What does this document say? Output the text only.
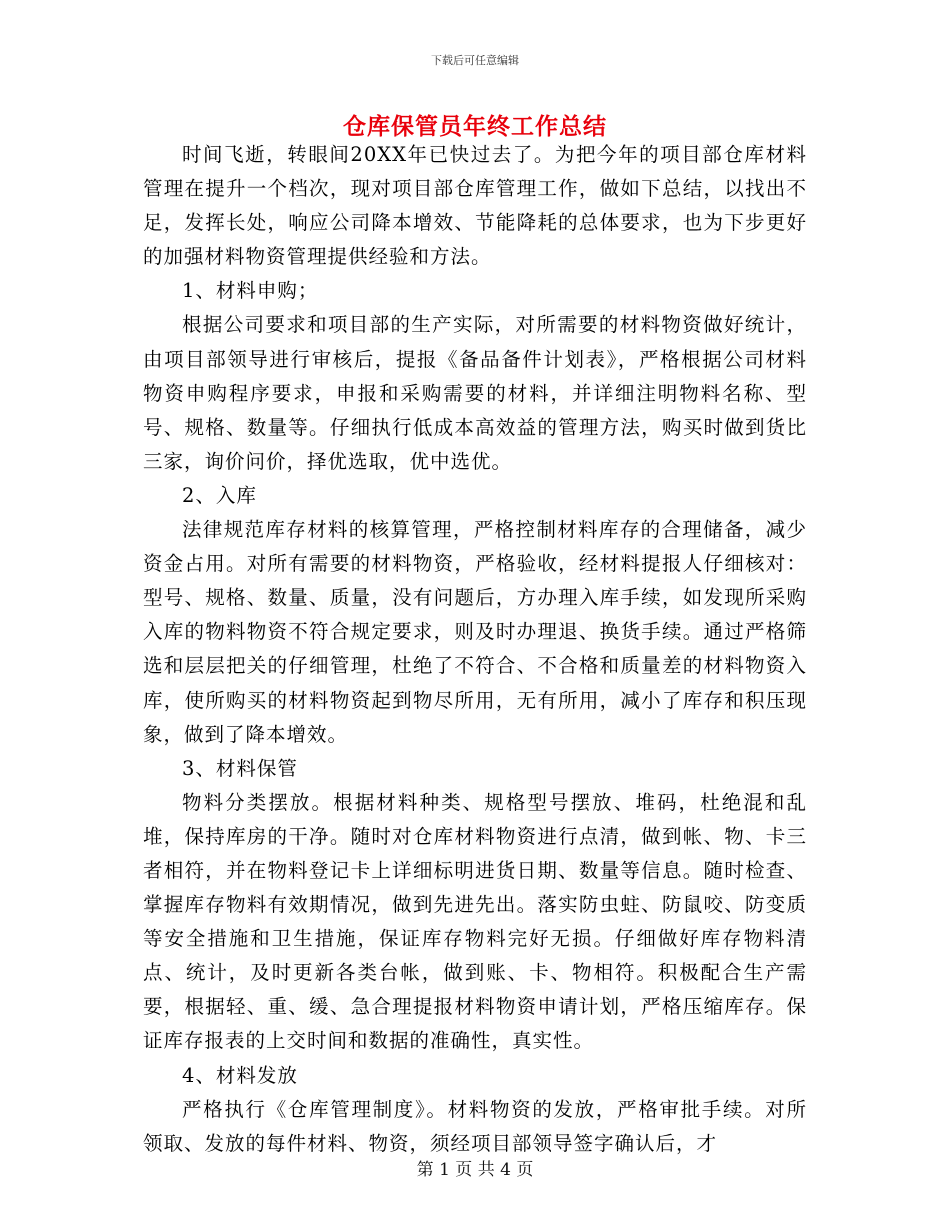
下载后可任意编辑
仓库保管员年终工作总结

时间飞逝，转眼间20XX年已快过去了。为把今年的项目部仓库材料管理在提升一个档次，现对项目部仓库管理工作，做如下总结，以找出不足，发挥长处，响应公司降本增效、节能降耗的总体要求，也为下步更好的加强材料物资管理提供经验和方法。

1、材料申购；

根据公司要求和项目部的生产实际，对所需要的材料物资做好统计，由项目部领导进行审核后，提报《备品备件计划表》，严格根据公司材料物资申购程序要求，申报和采购需要的材料，并详细注明物料名称、型号、规格、数量等。仔细执行低成本高效益的管理方法，购买时做到货比三家，询价问价，择优选取，优中选优。

2、入库

法律规范库存材料的核算管理，严格控制材料库存的合理储备，减少资金占用。对所有需要的材料物资，严格验收，经材料提报人仔细核对：型号、规格、数量、质量，没有问题后，方办理入库手续，如发现所采购入库的物料物资不符合规定要求，则及时办理退、换货手续。通过严格筛选和层层把关的仔细管理，杜绝了不符合、不合格和质量差的材料物资入库，使所购买的材料物资起到物尽所用，无有所用，减小了库存和积压现象，做到了降本增效。

3、材料保管

物料分类摆放。根据材料种类、规格型号摆放、堆码，杜绝混和乱堆，保持库房的干净。随时对仓库材料物资进行点清，做到帐、物、卡三者相符，并在物料登记卡上详细标明进货日期、数量等信息。随时检查、掌握库存物料有效期情况，做到先进先出。落实防虫蛀、防鼠咬、防变质等安全措施和卫生措施，保证库存物料完好无损。仔细做好库存物料清点、统计，及时更新各类台帐，做到账、卡、物相符。积极配合生产需要，根据轻、重、缓、急合理提报材料物资申请计划，严格压缩库存。保证库存报表的上交时间和数据的准确性，真实性。

4、材料发放

严格执行《仓库管理制度》。材料物资的发放，严格审批手续。对所领取、发放的每件材料、物资，须经项目部领导签字确认后，才

第 1 页 共 4 页
